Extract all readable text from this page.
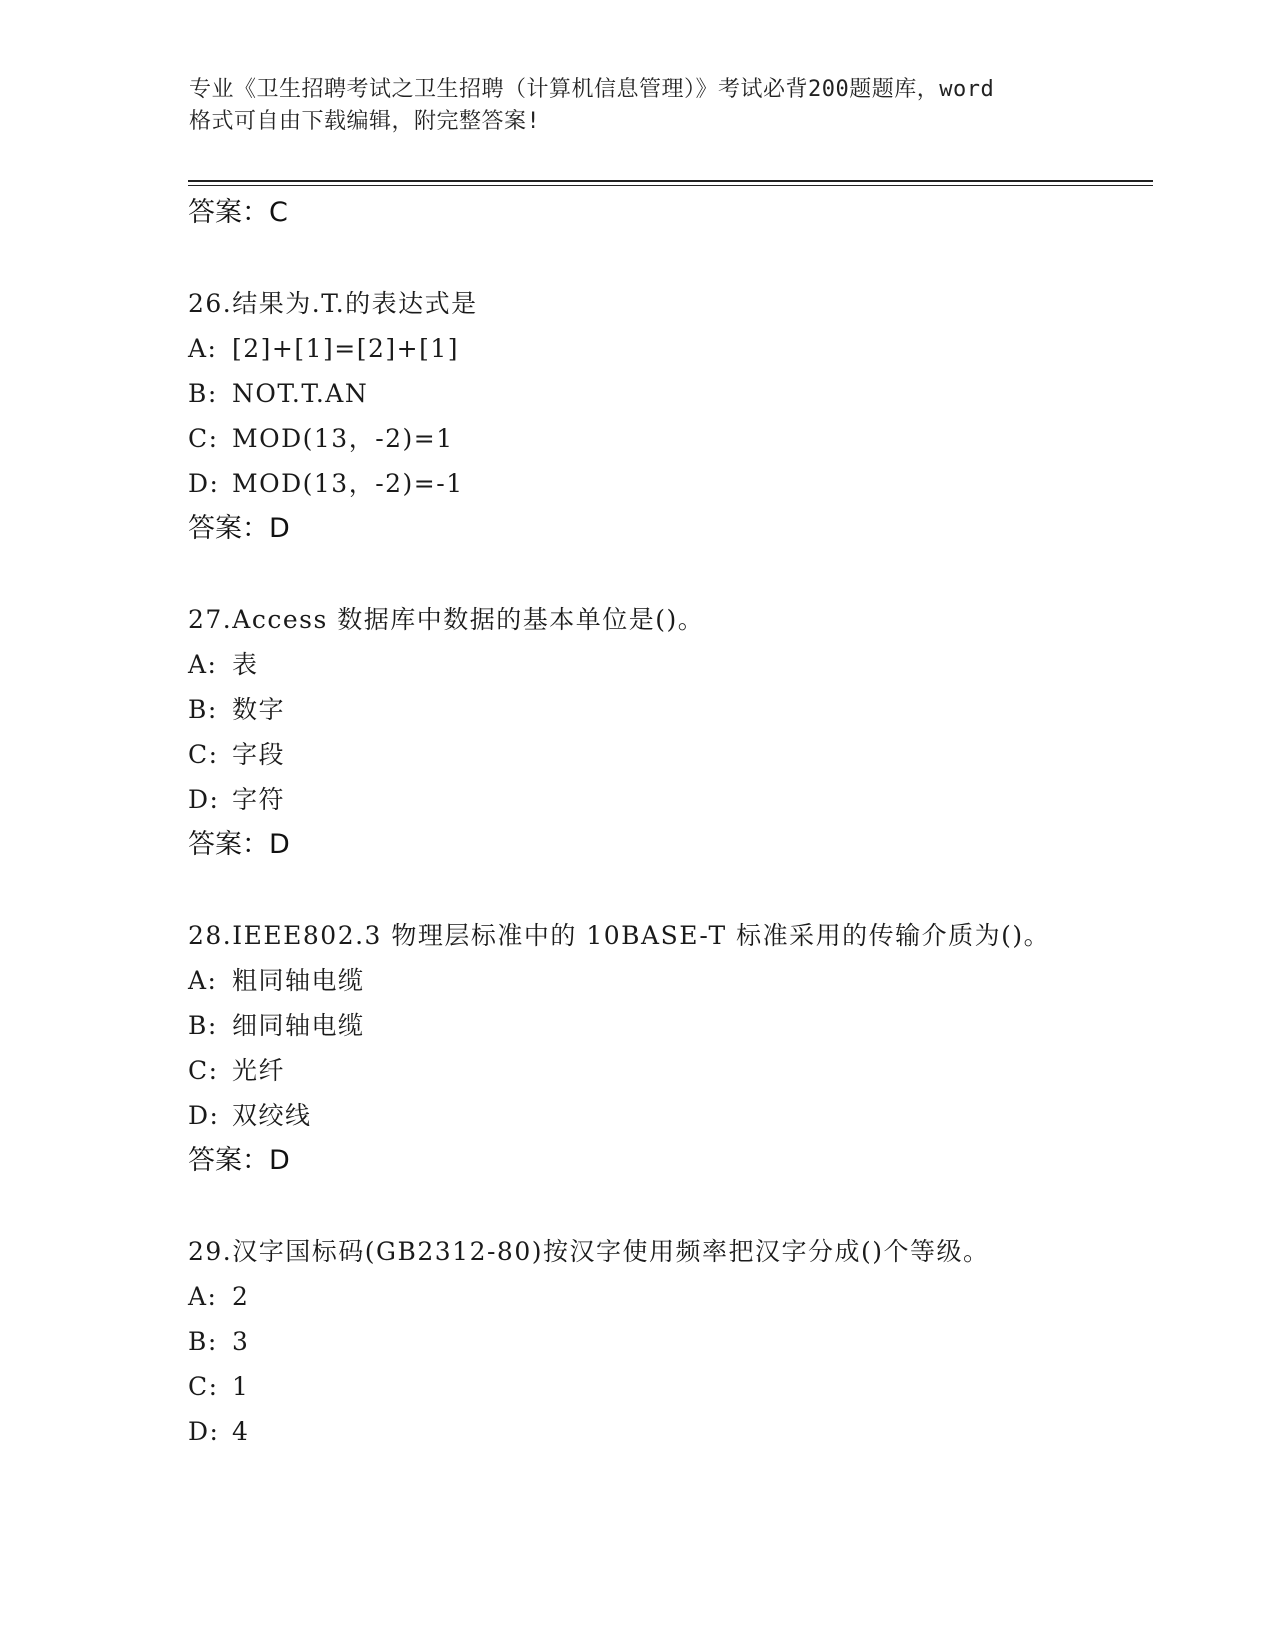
专业《卫生招聘考试之卫生招聘（计算机信息管理）》考试必背200题题库，word
格式可自由下载编辑，附完整答案!
答案：C
26.结果为.T.的表达式是
A: [2]+[1]=[2]+[1]
B: NOT.T.AN
C: MOD(13，-2)=1
D: MOD(13，-2)=-1
答案：D
27.Access 数据库中数据的基本单位是()。
A: 表
B: 数字
C: 字段
D: 字符
答案：D
28.IEEE802.3 物理层标准中的 10BASE-T 标准采用的传输介质为()。
A: 粗同轴电缆
B: 细同轴电缆
C: 光纤
D: 双绞线
答案：D
29.汉字国标码(GB2312-80)按汉字使用频率把汉字分成()个等级。
A: 2
B: 3
C: 1
D: 4
